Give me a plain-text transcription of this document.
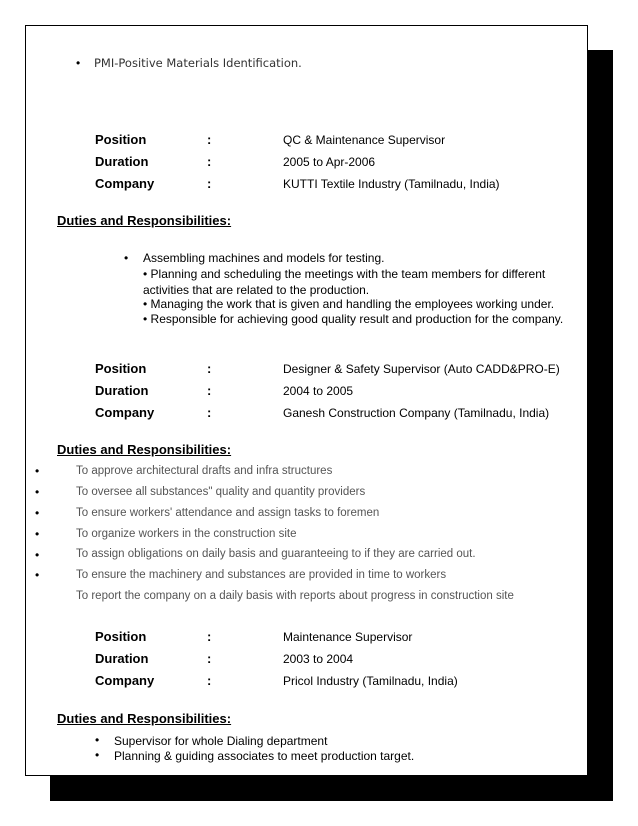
• PMI-Positive Materials Identification.
Position	:	QC & Maintenance Supervisor
Duration	:	2005 to Apr-2006
Company	:	KUTTI Textile Industry (Tamilnadu, India)
Duties and Responsibilities:
• Assembling machines and models for testing.
• Planning and scheduling the meetings with the team members for different
activities that are related to the production.
• Managing the work that is given and handling the employees working under.
• Responsible for achieving good quality result and production for the company.
Position	:	Designer & Safety Supervisor (Auto CADD&PRO-E)
Duration	:	2004 to 2005
Company	:	Ganesh Construction Company (Tamilnadu, India)
Duties and Responsibilities:
•	To approve architectural drafts and infra structures
•	To oversee all substances" quality and quantity providers
•	To ensure workers' attendance and assign tasks to foremen
•	To organize workers in the construction site
•	To assign obligations on daily basis and guaranteeing to if they are carried out.
•	To ensure the machinery and substances are provided in time to workers
To report the company on a daily basis with reports about progress in construction site
Position	:	Maintenance Supervisor
Duration	:	2003 to 2004
Company	:	Pricol Industry (Tamilnadu, India)
Duties and Responsibilities:
• Supervisor for whole Dialing department
• Planning & guiding associates to meet production target.
